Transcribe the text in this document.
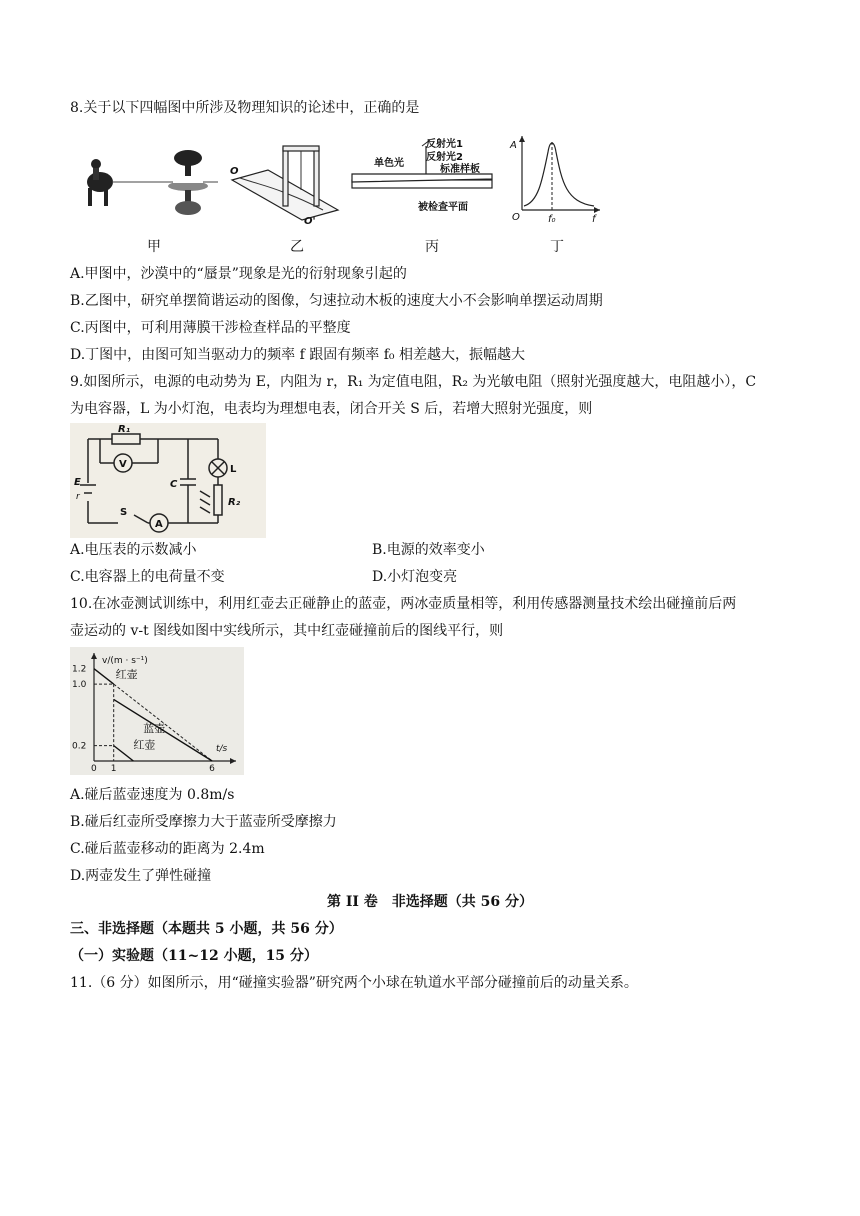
8.关于以下四幅图中所涉及物理知识的论述中，正确的是
O
O'
反射光1
反射光2
单色光
标准样板
被检查平面
A
O	f₀	f
甲	乙	丙	丁
A.甲图中，沙漠中的“蜃景”现象是光的衍射现象引起的
B.乙图中，研究单摆简谐运动的图像，匀速拉动木板的速度大小不会影响单摆运动周期
C.丙图中，可利用薄膜干涉检查样品的平整度
D.丁图中，由图可知当驱动力的频率 f 跟固有频率 f₀ 相差越大，振幅越大
9.如图所示，电源的电动势为 E，内阻为 r，R₁ 为定值电阻，R₂ 为光敏电阻（照射光强度越大，电阻越小），C
为电容器，L 为小灯泡，电表均为理想电表，闭合开关 S 后，若增大照射光强度，则
R₁
V
E
r
C
L
R₂
S
A
A.电压表的示数减小	B.电源的效率变小
C.电容器上的电荷量不变	D.小灯泡变亮
10.在冰壶测试训练中，利用红壶去正碰静止的蓝壶，两冰壶质量相等，利用传感器测量技术绘出碰撞前后两
壶运动的 v-t 图线如图中实线所示，其中红壶碰撞前后的图线平行，则
红壶
蓝壶
红壶
0 1	6
0.2
1.0
1.2
v/(m · s⁻¹)
t/s
A.碰后蓝壶速度为 0.8m/s
B.碰后红壶所受摩擦力大于蓝壶所受摩擦力
C.碰后蓝壶移动的距离为 2.4m
D.两壶发生了弹性碰撞
第 II 卷　非选择题（共 56 分）
三、非选择题（本题共 5 小题，共 56 分）
（一）实验题（11~12 小题，15 分）
11.（6 分）如图所示，用“碰撞实验器”研究两个小球在轨道水平部分碰撞前后的动量关系。
